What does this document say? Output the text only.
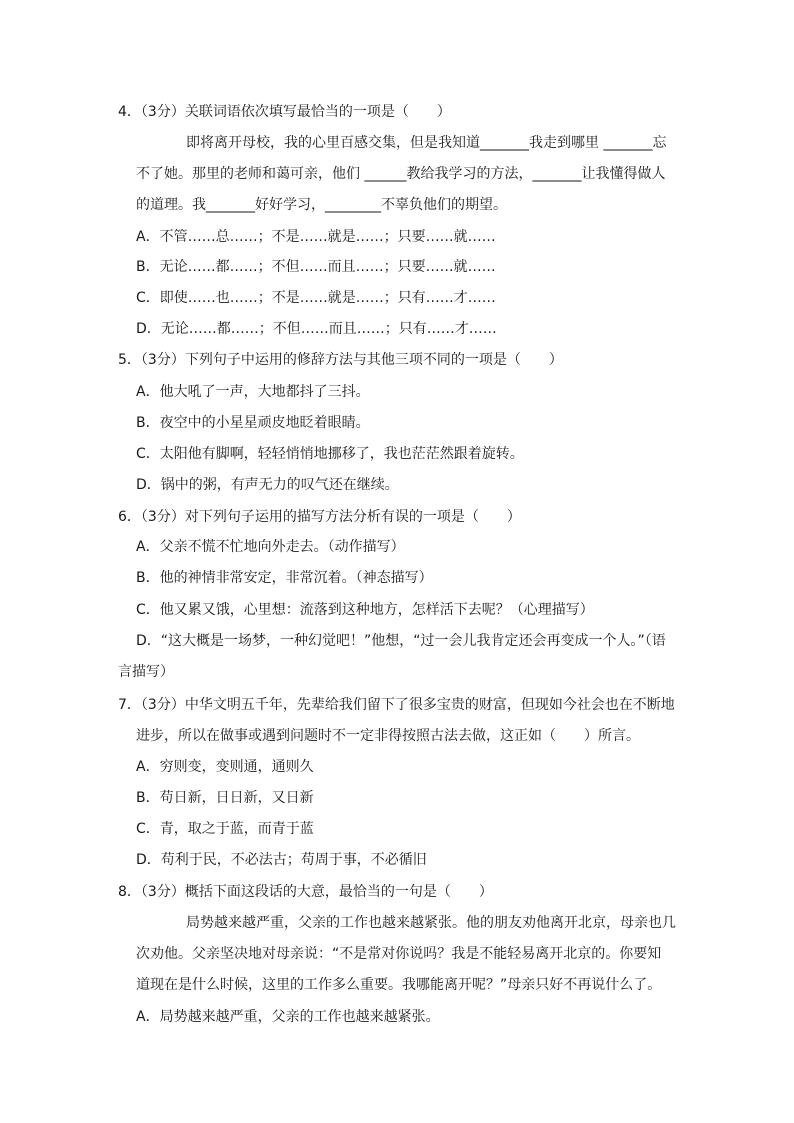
4．（3分）关联词语依次填写最恰当的一项是（　　）
即将离开母校，我的心里百感交集，但是我知道_______我走到哪里 _______忘
不了她。那里的老师和蔼可亲，他们 ______教给我学习的方法，_______让我懂得做人
的道理。我_______好好学习，________不辜负他们的期望。
A．不管……总……；不是……就是……；只要……就……
B．无论……都……；不但……而且……；只要……就……
C．即使……也……；不是……就是……；只有……才……
D．无论……都……；不但……而且……；只有……才……
5．（3分）下列句子中运用的修辞方法与其他三项不同的一项是（　　）
A．他大吼了一声，大地都抖了三抖。
B．夜空中的小星星顽皮地眨着眼睛。
C．太阳他有脚啊，轻轻悄悄地挪移了，我也茫茫然跟着旋转。
D．锅中的粥，有声无力的叹气还在继续。
6．（3分）对下列句子运用的描写方法分析有误的一项是（　　）
A．父亲不慌不忙地向外走去。（动作描写）
B．他的神情非常安定，非常沉着。（神态描写）
C．他又累又饿，心里想：流落到这种地方，怎样活下去呢？（心理描写）
D．“这大概是一场梦，一种幻觉吧！”他想，“过一会儿我肯定还会再变成一个人。”（语
言描写）
7．（3分）中华文明五千年，先辈给我们留下了很多宝贵的财富，但现如今社会也在不断地
进步，所以在做事或遇到问题时不一定非得按照古法去做，这正如（　　）所言。
A．穷则变，变则通，通则久
B．苟日新，日日新，又日新
C．青，取之于蓝，而青于蓝
D．苟利于民，不必法古；苟周于事，不必循旧
8．（3分）概括下面这段话的大意，最恰当的一句是（　　）
局势越来越严重，父亲的工作也越来越紧张。他的朋友劝他离开北京，母亲也几
次劝他。父亲坚决地对母亲说：“不是常对你说吗？我是不能轻易离开北京的。你要知
道现在是什么时候，这里的工作多么重要。我哪能离开呢？”母亲只好不再说什么了。
A．局势越来越严重，父亲的工作也越来越紧张。
